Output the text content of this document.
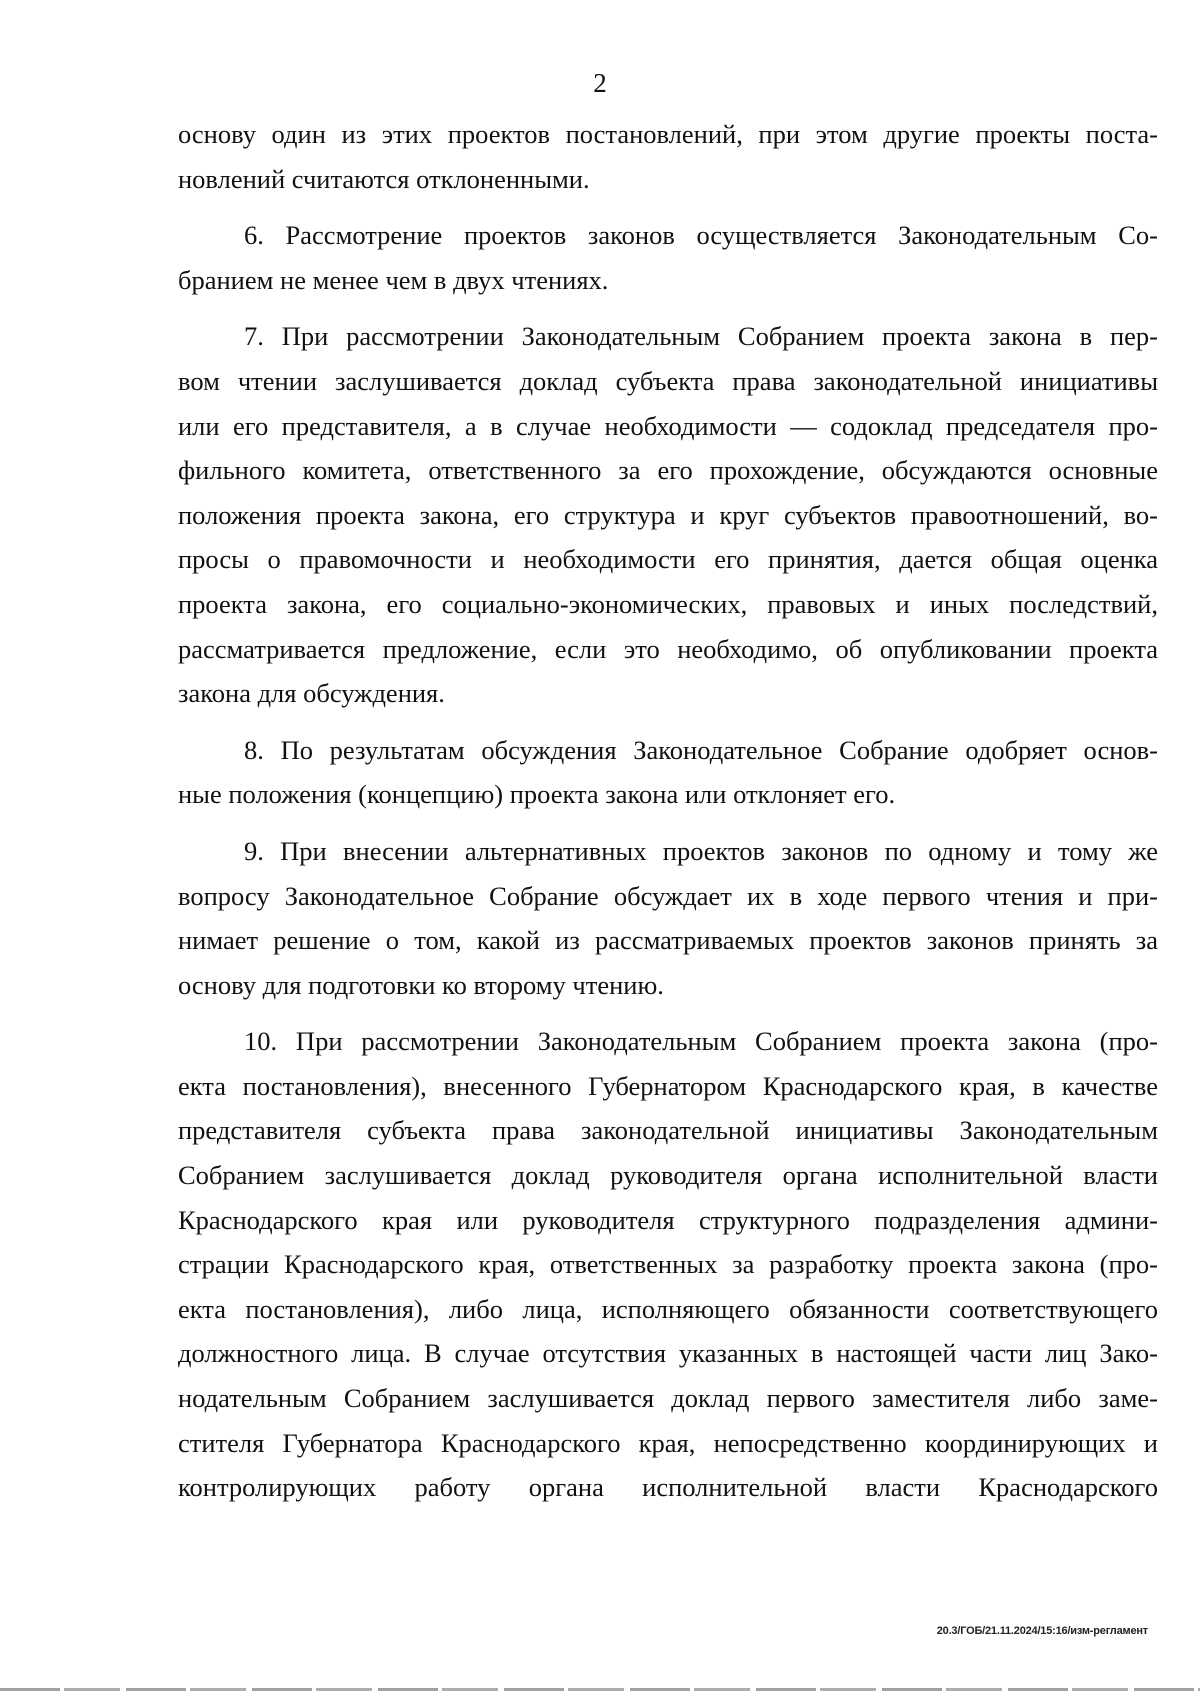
2
основу один из этих проектов постановлений, при этом другие проекты поста-
новлений считаются отклоненными.
6. Рассмотрение проектов законов осуществляется Законодательным Со-
бранием не менее чем в двух чтениях.
7. При рассмотрении Законодательным Собранием проекта закона в пер-
вом чтении заслушивается доклад субъекта права законодательной инициативы
или его представителя, а в случае необходимости — содоклад председателя про-
фильного комитета, ответственного за его прохождение, обсуждаются основные
положения проекта закона, его структура и круг субъектов правоотношений, во-
просы о правомочности и необходимости его принятия, дается общая оценка
проекта закона, его социально-экономических, правовых и иных последствий,
рассматривается предложение, если это необходимо, об опубликовании проекта
закона для обсуждения.
8. По результатам обсуждения Законодательное Собрание одобряет основ-
ные положения (концепцию) проекта закона или отклоняет его.
9. При внесении альтернативных проектов законов по одному и тому же
вопросу Законодательное Собрание обсуждает их в ходе первого чтения и при-
нимает решение о том, какой из рассматриваемых проектов законов принять за
основу для подготовки ко второму чтению.
10. При рассмотрении Законодательным Собранием проекта закона (про-
екта постановления), внесенного Губернатором Краснодарского края, в качестве
представителя субъекта права законодательной инициативы Законодательным
Собранием заслушивается доклад руководителя органа исполнительной власти
Краснодарского края или руководителя структурного подразделения админи-
страции Краснодарского края, ответственных за разработку проекта закона (про-
екта постановления), либо лица, исполняющего обязанности соответствующего
должностного лица. В случае отсутствия указанных в настоящей части лиц Зако-
нодательным Собранием заслушивается доклад первого заместителя либо заме-
стителя Губернатора Краснодарского края, непосредственно координирующих и
контролирующих работу органа исполнительной власти Краснодарского
20.3/ГОБ/21.11.2024/15:16/изм-регламент
